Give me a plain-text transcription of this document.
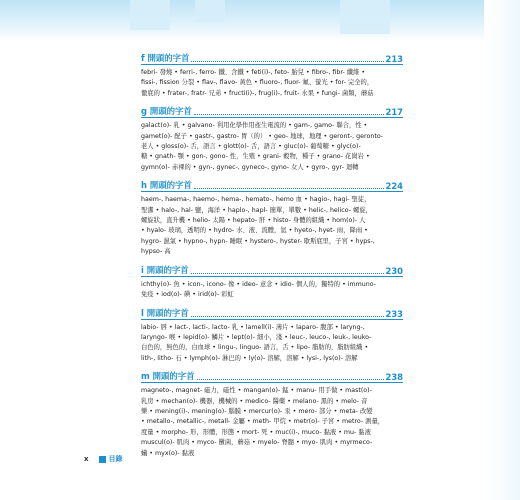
f 開頭的字首	213
febri- 發燒 • ferri-, ferro- 鐵、含鐵 • feti(i)-, feto- 胎兒 • fibro-, fibr- 纖維 •
fissi-, fission 分裂 • flav-, flavo- 黃色 • fluoro-, fluor- 氟、螢光 • for- 完全的，
徹底的 • frater-, fratr- 兄弟 • fructi(i)-, frug(i)-, fruit- 水果 • fungi- 菌類，蘑菇
g 開頭的字首	217
galact(o)- 乳 • galvano- 利用化學作用產生電流的 • gam-, gamo- 聯合，性 •
gamet(o)- 配子 • gastr-, gastro- 胃（的） • geo- 地球，地理 • geront-, geronto-
老人 • gloss(o)- 舌，語言 • glott(o)- 舌，語言 • gluc(o)- 葡萄糖 • glyc(o)-
糖 • gnath- 顎 • gon-, gono- 性，生殖 • grani- 穀物，種子 • grano- 花崗岩 •
gymn(o)- 赤裸的 • gyn-, gynec-, gyneco-, gyno- 女人 • gyro-, gyr- 迴轉
h 開頭的字首	224
haem-, haema-, haemo-, hema-, hemato-, hemo 血 • hagio-, hagi- 聖徒，
聖潔 • halo-, hal- 鹽，海洋 • haplo-, hapl- 簡單，單數 • helic-, helico- 螺旋，
螺旋狀，直升機 • helio- 太陽 • hepato- 肝 • histo- 身體的組織 • hom(o)- 人
• hyalo- 玻璃，透明的 • hydro- 水、液、流體，氫 • hyeto-, hyet- 雨，降雨 •
hygro- 濕氣 • hypno-, hypn- 睡眠 • hystero-, hyster- 歇斯底里，子宮 • hyps-,
hypso- 高
i 開頭的字首	230
ichthy(o)- 魚 • icon-, icono- 像 • ideo- 意念 • idio- 個人的，獨特的 • immuno-
免疫 • iod(o)- 碘 • irid(o)- 彩虹
l 開頭的字首	233
labio- 唇 • lact-, lacti-, lacto- 乳 • lamell(i)- 薄片 • laparo- 腹部 • laryng-,
laryngo- 喉 • lepid(o)- 鱗片 • lept(o)- 細小，淺 • leuc-, leuco-, leuk-, leuko-
白色的，無色的，白血球 • lingu-, linguo- 語言，舌 • lipo- 脂肪的，脂肪組織 •
lith-, litho- 石 • lymph(o)- 淋巴的 • ly(o)- 溶解，溶解 • lysi-, lys(o)- 溶解
m 開頭的字首	238
magneto-, magnet- 磁力，磁性 • mangan(o)- 錳 • manu- 用手做 • mast(o)-
乳房 • mechan(o)- 機器，機械的 • medico- 醫藥 • melano- 黑的 • melo- 音
樂 • mening(i)-, mening(o)- 腦膜 • mercur(o)- 汞 • mero- 部分 • meta- 改變
• metallo-, metallic-, metall- 金屬 • meth- 甲烷 • metr(o)- 子宮 • metro- 測量，
度量 • morpho- 形，形體，形態 • mort- 死 • muc(i)-, muco- 黏液 • mu- 黏液
muscul(o)- 肌肉 • myco- 黴菌，蘑菇 • myelo- 脊髓 • myo- 肌肉 • myrmeco-
蟻 • myx(o)- 黏液
x	目錄
